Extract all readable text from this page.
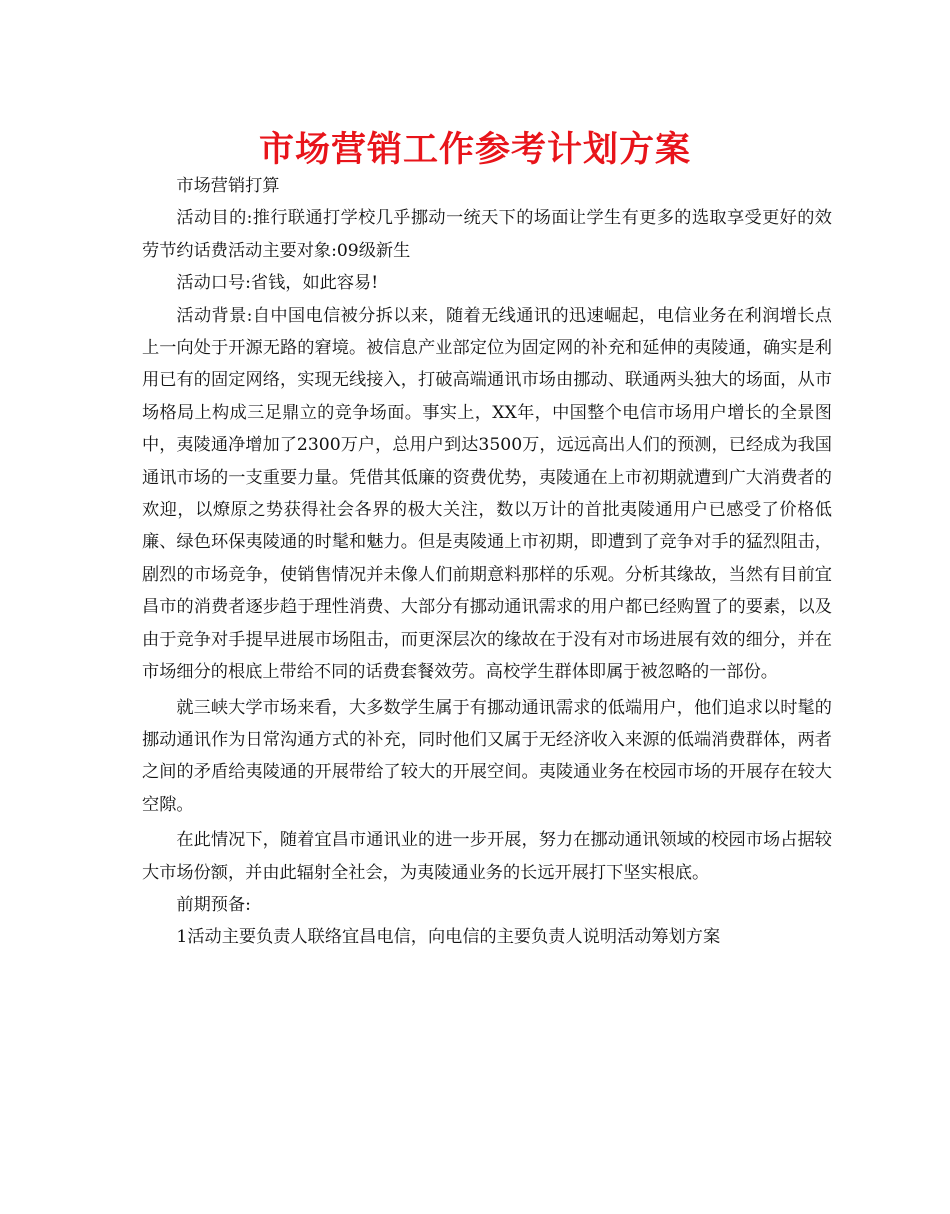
市场营销工作参考计划方案

市场营销打算

活动目的:推行联通打学校几乎挪动一统天下的场面让学生有更多的选取享受更好的效劳节约话费活动主要对象:09级新生

活动口号:省钱，如此容易!

活动背景:自中国电信被分拆以来，随着无线通讯的迅速崛起，电信业务在利润增长点上一向处于开源无路的窘境。被信息产业部定位为固定网的补充和延伸的夷陵通，确实是利用已有的固定网络，实现无线接入，打破高端通讯市场由挪动、联通两头独大的场面，从市场格局上构成三足鼎立的竞争场面。事实上，XX年，中国整个电信市场用户增长的全景图中，夷陵通净增加了2300万户，总用户到达3500万，远远高出人们的预测，已经成为我国通讯市场的一支重要力量。凭借其低廉的资费优势，夷陵通在上市初期就遭到广大消费者的欢迎，以燎原之势获得社会各界的极大关注，数以万计的首批夷陵通用户已感受了价格低廉、绿色环保夷陵通的时髦和魅力。但是夷陵通上市初期，即遭到了竞争对手的猛烈阻击，剧烈的市场竞争，使销售情况并未像人们前期意料那样的乐观。分析其缘故，当然有目前宜昌市的消费者逐步趋于理性消费、大部分有挪动通讯需求的用户都已经购置了的要素，以及由于竞争对手提早进展市场阻击，而更深层次的缘故在于没有对市场进展有效的细分，并在市场细分的根底上带给不同的话费套餐效劳。高校学生群体即属于被忽略的一部份。

就三峡大学市场来看，大多数学生属于有挪动通讯需求的低端用户，他们追求以时髦的挪动通讯作为日常沟通方式的补充，同时他们又属于无经济收入来源的低端消费群体，两者之间的矛盾给夷陵通的开展带给了较大的开展空间。夷陵通业务在校园市场的开展存在较大空隙。

在此情况下，随着宜昌市通讯业的进一步开展，努力在挪动通讯领域的校园市场占据较大市场份额，并由此辐射全社会，为夷陵通业务的长远开展打下坚实根底。

前期预备:

1活动主要负责人联络宜昌电信，向电信的主要负责人说明活动筹划方案
